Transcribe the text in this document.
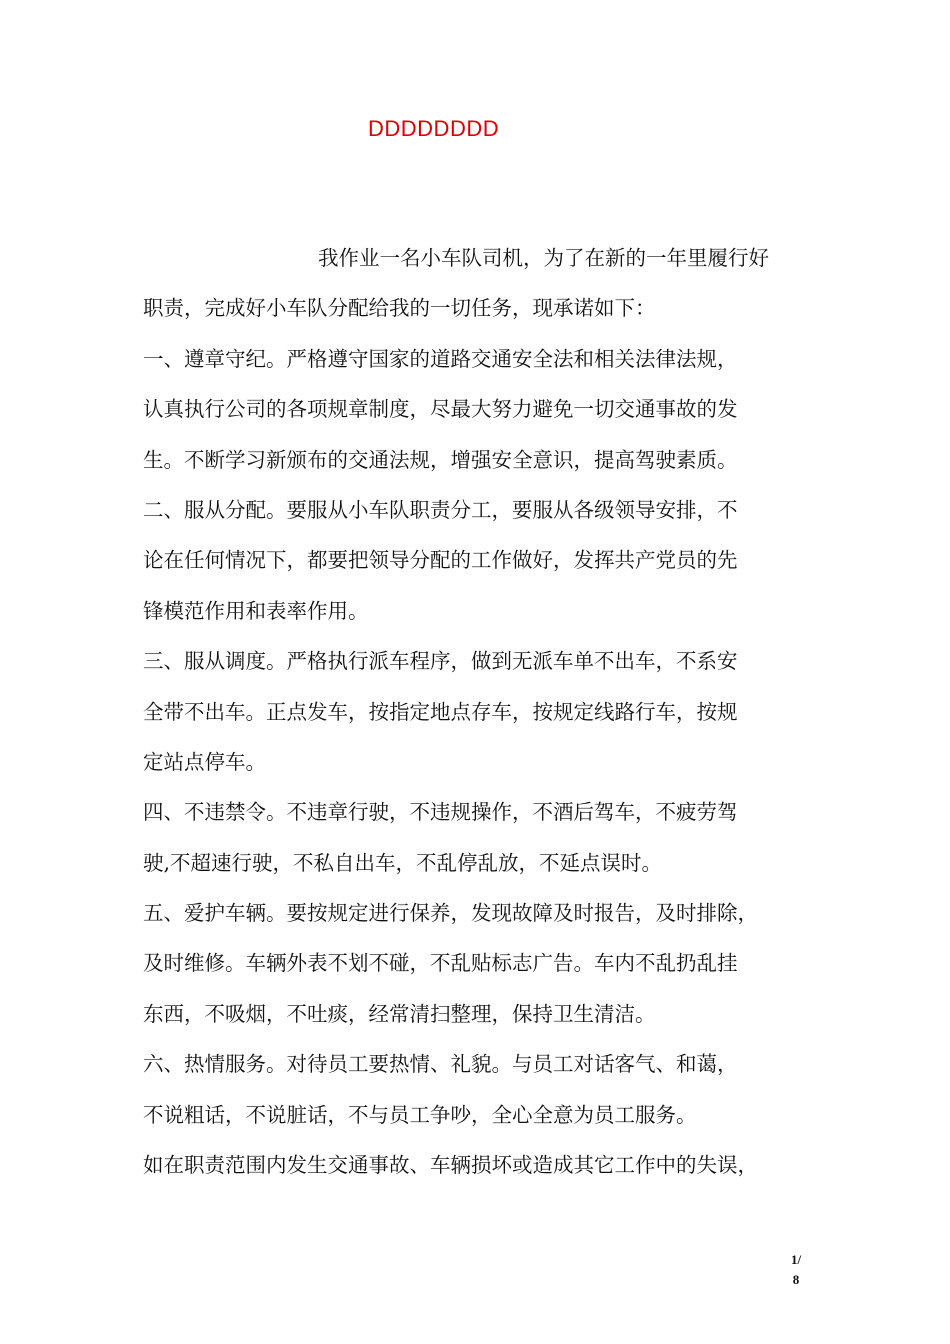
DDDDDDDD
我作业一名小车队司机，为了在新的一年里履行好
职责，完成好小车队分配给我的一切任务，现承诺如下：
一、遵章守纪。严格遵守国家的道路交通安全法和相关法律法规，
认真执行公司的各项规章制度，尽最大努力避免一切交通事故的发
生。不断学习新颁布的交通法规，增强安全意识，提高驾驶素质。
二、服从分配。要服从小车队职责分工，要服从各级领导安排，不
论在任何情况下，都要把领导分配的工作做好，发挥共产党员的先
锋模范作用和表率作用。
三、服从调度。严格执行派车程序，做到无派车单不出车，不系安
全带不出车。正点发车，按指定地点存车，按规定线路行车，按规
定站点停车。
四、不违禁令。不违章行驶，不违规操作，不酒后驾车，不疲劳驾
驶,不超速行驶，不私自出车，不乱停乱放，不延点误时。
五、爱护车辆。要按规定进行保养，发现故障及时报告，及时排除，
及时维修。车辆外表不划不碰，不乱贴标志广告。车内不乱扔乱挂
东西，不吸烟，不吐痰，经常清扫整理，保持卫生清洁。
六、热情服务。对待员工要热情、礼貌。与员工对话客气、和蔼，
不说粗话，不说脏话，不与员工争吵，全心全意为员工服务。
如在职责范围内发生交通事故、车辆损坏或造成其它工作中的失误，
1/
8
